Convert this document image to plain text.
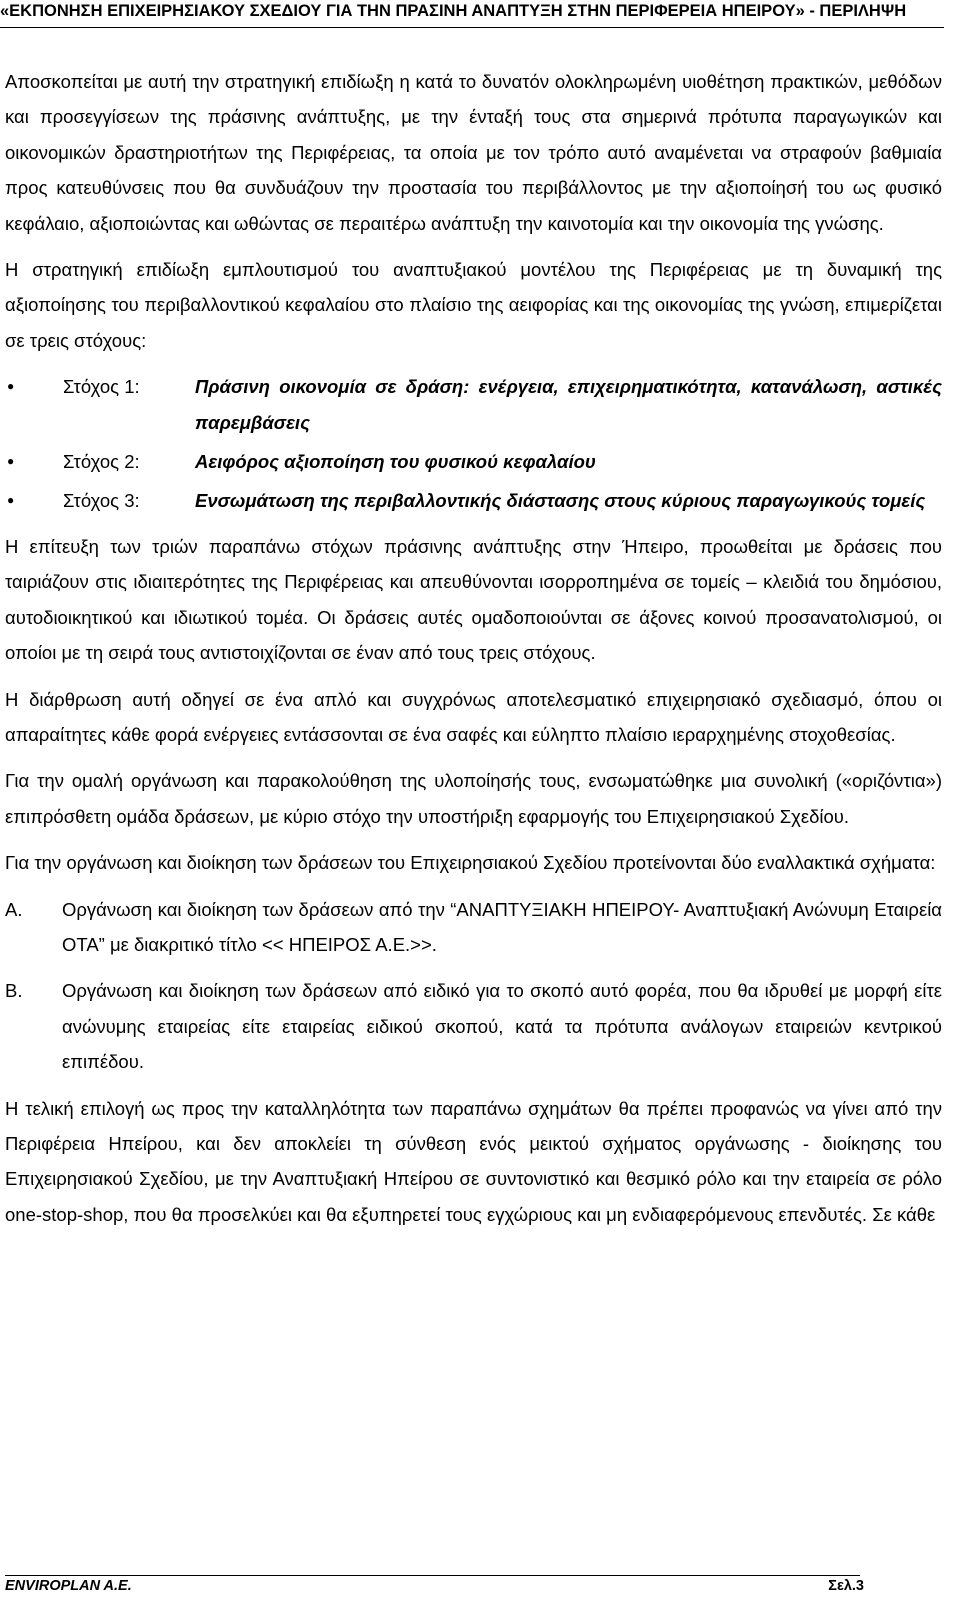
«ΕΚΠΟΝΗΣΗ ΕΠΙΧΕΙΡΗΣΙΑΚΟΥ ΣΧΕΔΙΟΥ ΓΙΑ ΤΗΝ ΠΡΑΣΙΝΗ ΑΝΑΠΤΥΞΗ ΣΤΗΝ ΠΕΡΙΦΕΡΕΙΑ ΗΠΕΙΡΟΥ» - ΠΕΡΙΛΗΨΗ

Αποσκοπείται με αυτή την στρατηγική επιδίωξη η κατά το δυνατόν ολοκληρωμένη υιοθέτηση πρακτικών, μεθόδων και προσεγγίσεων της πράσινης ανάπτυξης, με την ένταξή τους στα σημερινά πρότυπα παραγωγικών και οικονομικών δραστηριοτήτων της Περιφέρειας, τα οποία με τον τρόπο αυτό αναμένεται να στραφούν βαθμιαία προς κατευθύνσεις που θα συνδυάζουν την προστασία του περιβάλλοντος με την αξιοποίησή του ως φυσικό κεφάλαιο, αξιοποιώντας και ωθώντας σε περαιτέρω ανάπτυξη την καινοτομία και την οικονομία της γνώσης.

Η στρατηγική επιδίωξη εμπλουτισμού του αναπτυξιακού μοντέλου της Περιφέρειας με τη δυναμική της αξιοποίησης του περιβαλλοντικού κεφαλαίου στο πλαίσιο της αειφορίας και της οικονομίας της γνώση, επιμερίζεται σε τρεις στόχους:

●	Στόχος 1:	Πράσινη οικονομία σε δράση: ενέργεια, επιχειρηματικότητα, κατανάλωση, αστικές παρεμβάσεις
●	Στόχος 2:	Αειφόρος αξιοποίηση του φυσικού κεφαλαίου
●	Στόχος 3:	Ενσωμάτωση της περιβαλλοντικής διάστασης στους κύριους παραγωγικούς τομείς

Η επίτευξη των τριών παραπάνω στόχων πράσινης ανάπτυξης στην Ήπειρο, προωθείται με δράσεις που ταιριάζουν στις ιδιαιτερότητες της Περιφέρειας και απευθύνονται ισορροπημένα σε τομείς – κλειδιά του δημόσιου, αυτοδιοικητικού και ιδιωτικού τομέα. Οι δράσεις αυτές ομαδοποιούνται σε άξονες κοινού προσανατολισμού, οι οποίοι με τη σειρά τους αντιστοιχίζονται σε έναν από τους τρεις στόχους.

Η διάρθρωση αυτή οδηγεί σε ένα απλό και συγχρόνως αποτελεσματικό επιχειρησιακό σχεδιασμό, όπου οι απαραίτητες κάθε φορά ενέργειες εντάσσονται σε ένα σαφές και εύληπτο πλαίσιο ιεραρχημένης στοχοθεσίας.

Για την ομαλή οργάνωση και παρακολούθηση της υλοποίησής τους, ενσωματώθηκε μια συνολική («οριζόντια») επιπρόσθετη ομάδα δράσεων, με κύριο στόχο την υποστήριξη εφαρμογής του Επιχειρησιακού Σχεδίου.

Για την οργάνωση και διοίκηση των δράσεων του Επιχειρησιακού Σχεδίου προτείνονται δύο εναλλακτικά σχήματα:

Α.	Οργάνωση και διοίκηση των δράσεων από την “ΑΝΑΠΤΥΞΙΑΚΗ ΗΠΕΙΡΟΥ- Αναπτυξιακή Ανώνυμη Εταιρεία ΟΤΑ” με διακριτικό τίτλο << ΗΠΕΙΡΟΣ Α.Ε.>>.
Β.	Οργάνωση και διοίκηση των δράσεων από ειδικό για το σκοπό αυτό φορέα, που θα ιδρυθεί με μορφή είτε ανώνυμης εταιρείας είτε εταιρείας ειδικού σκοπού, κατά τα πρότυπα ανάλογων εταιρειών κεντρικού επιπέδου.

Η τελική επιλογή ως προς την καταλληλότητα των παραπάνω σχημάτων θα πρέπει προφανώς να γίνει από την Περιφέρεια Ηπείρου, και δεν αποκλείει τη σύνθεση ενός μεικτού σχήματος οργάνωσης - διοίκησης του Επιχειρησιακού Σχεδίου, με την Αναπτυξιακή Ηπείρου σε συντονιστικό και θεσμικό ρόλο και την εταιρεία σε ρόλο one-stop-shop, που θα προσελκύει και θα εξυπηρετεί τους εγχώριους και μη ενδιαφερόμενους επενδυτές. Σε κάθε

ENVIROPLAN A.E.	Σελ.3
